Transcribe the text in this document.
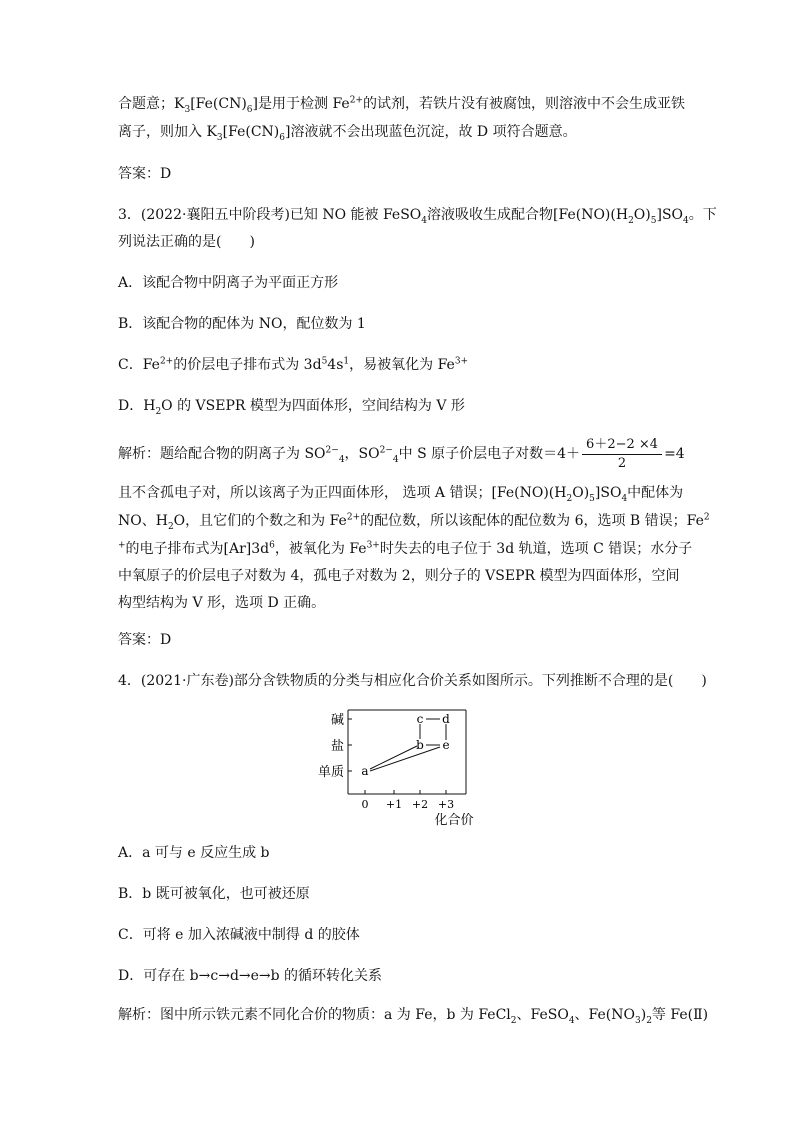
合题意；$K_3[Fe(CN)_6]$是用于检测 $Fe^{2+}$的试剂，若铁片没有被腐蚀，则溶液中不会生成亚铁
离子，则加入 $K_3[Fe(CN)_6]$溶液就不会出现蓝色沉淀，故 D 项符合题意。
答案：D
3．(2022·襄阳五中阶段考)已知 NO 能被 FeSO$_4$溶液吸收生成配合物$[Fe(NO)(H_2O)_5]SO_4$。下
列说法正确的是(　　)
A．该配合物中阴离子为平面正方形
B．该配合物的配体为 NO，配位数为 1
C．$Fe^{2+}$的价层电子排布式为 $3d^54s^1$，易被氧化为 $Fe^{3+}$
D．$H_2O$ 的 VSEPR 模型为四面体形，空间结构为 V 形
解析：题给配合物的阴离子为 $SO^{2-}_4$，$SO^{2-}_4$中 S 原子价层电子对数$=4+ \frac{6+2-2 \times 4}{2} =4$
且不含孤电子对，所以该离子为正四面体形， 选项 A 错误；$[Fe(NO)(H_2O)_5]SO_4$中配体为
NO、$H_2O$，且它们的个数之和为 $Fe^{2+}$的配位数，所以该配体的配位数为 6，选项 B 错误；Fe$^2$
+的电子排布式为$[Ar]3d^6$，被氧化为 $Fe^{3+}$时失去的电子位于 3d 轨道，选项 C 错误；水分子
中氧原子的价层电子对数为 4，孤电子对数为 2，则分子的 VSEPR 模型为四面体形，空间
构型结构为 V 形，选项 D 正确。
答案：D
4．(2021·广东卷)部分含铁物质的分类与相应化合价关系如图所示。下列推断不合理的是(　　)
碱
盐
单质
0 +1 +2 +3
化合价
a
b
c d
e
A．a 可与 e 反应生成 b
B．b 既可被氧化，也可被还原
C．可将 e 加入浓碱液中制得 d 的胶体
D．可存在 b→c→d→e→b 的循环转化关系
解析：图中所示铁元素不同化合价的物质：a 为 Fe，b 为 FeCl$_2$、FeSO$_4$、$Fe(NO_3)_2$等 Fe(Ⅱ)
